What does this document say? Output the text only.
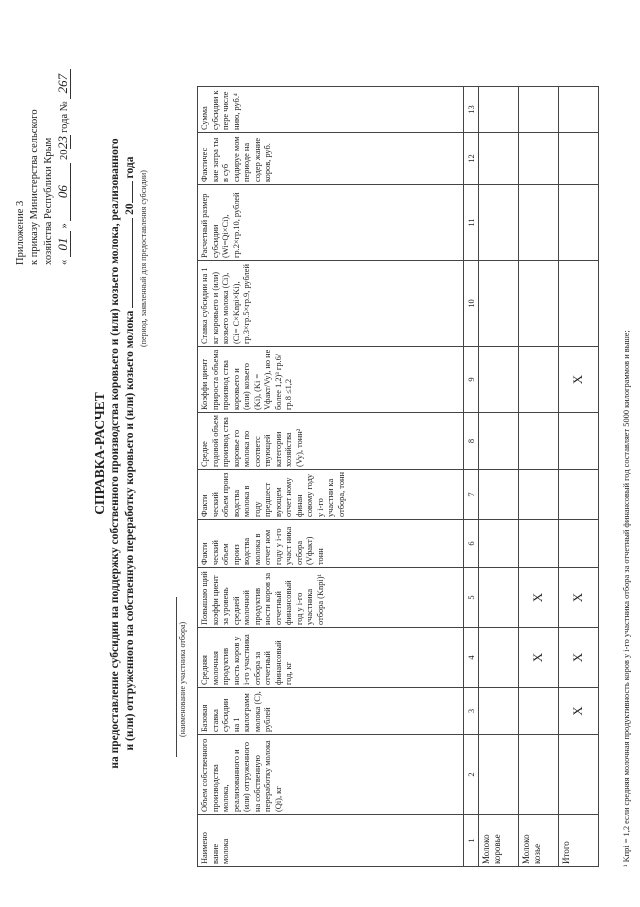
Приложение 3 к приказу Министерства сельского хозяйства Республики Крым « 01 » 06 2023 года № 267
СПРАВКА-РАСЧЕТ на предоставление субсидии на поддержку собственного производства коровьего и (или) козьего молока, реализованного и (или) отгруженного на собственную переработку коровьего и (или) козьего молока  20 года
(период, заявленный для предоставления субсидии)
(наименование участника отбора)
Наимено вание молока	Объем собственного производства молока, реализованного и (или) отгруженного на собственную переработку молока (Qi), кг	Базовая ставка субсидии на 1 килограмм молока (С), рублей	Средняя молочная продуктив ность коров у i-го участника отбора за отчетный финансовый год, кг	Повышаю щий коэффи циент за уровень средней молочной продуктив ности коров за отчетный финансовый год у i-го участника отбора (Knpi)¹	Факти ческий объем произ водства молока в отчет ном году у i-го участ ника отбора (Vфакт) тонн	Факти ческий объем произ водства молока в году предшест вующем отчет ному финан совому году у i-го участни ка отбора, тонн	Средне годовой объем производ ства коровье го молока по соответс твующей категории хозяйства (Vy), тонн²	Коэффи циент прироста объема производ ства коровьего и (или) козьего (Ki), (Ki = Vфакт/Vy), но не более 1,2)³ гр.6/гр.8 ≤1,2	Ставка субсидии на 1 кг коровьего и (или) козьего молока (Ci), (Ci= C×Knpi×Ki), гр.3×гр.5×гр.9, рублей	Расчетный размер субсидии (Wi=Qi×Ci), гр.2×гр.10, рублей	Фактичес кие затра ты в суб сидируе мом периоде на содер жание коров, руб.	Сумма субсидии к пере числе нию, руб.⁴
1	2	3	4	5	6	7	8	9	10	11	12	13
Молоко коровье												
Молоко козье			X	X								
Итого		X	X	X				X					¹ Kпрi = 1,2 если средняя молочная продуктивность коров у i-го участника отбора за отчетный финансовый год составляет 5000 килограммов и выше;
